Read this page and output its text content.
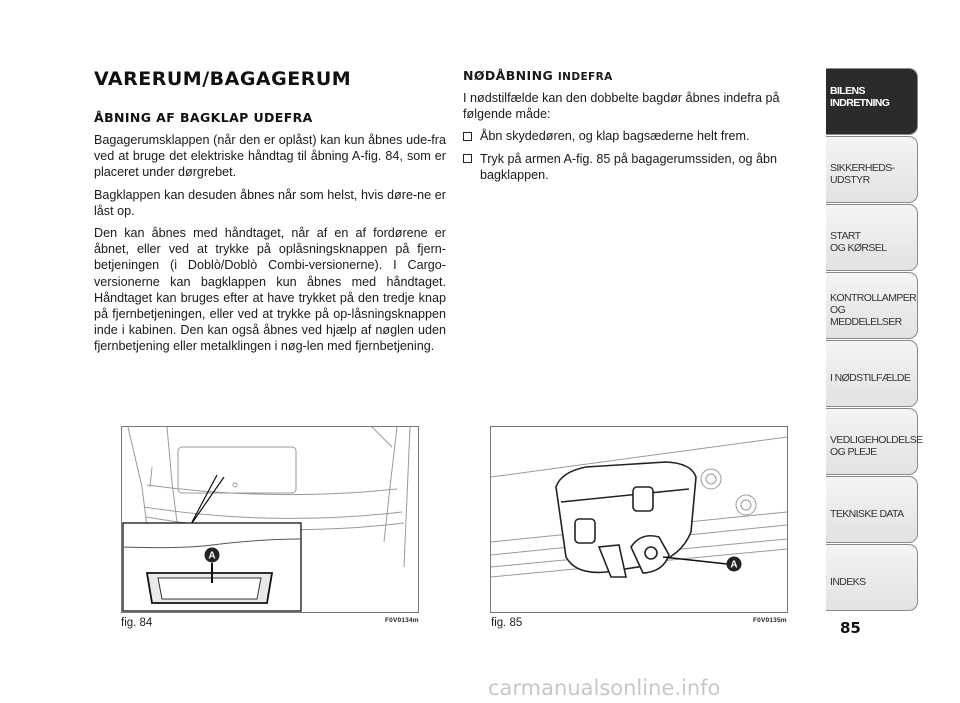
VARERUM/BAGAGERUM
ÅBNING AF BAGKLAP UDEFRA

Bagagerumsklappen (når den er oplåst) kan kun åbnes ude-fra ved at bruge det elektriske håndtag til åbning A-fig. 84, som er placeret under dørgrebet.

Bagklappen kan desuden åbnes når som helst, hvis døre-ne er låst op.

Den kan åbnes med håndtaget, når af en af fordørene er åbnet, eller ved at trykke på oplåsningsknappen på fjern-betjeningen (i Doblò/Doblò Combi-versionerne). I Cargo-versionerne kan bagklappen kun åbnes med håndtaget. Håndtaget kan bruges efter at have trykket på den tredje knap på fjernbetjeningen, eller ved at trykke på op-låsningsknappen inde i kabinen. Den kan også åbnes ved hjælp af nøglen uden fjernbetjening eller metalklingen i nøg-len med fjernbetjening.

NØDÅBNING INDEFRA

I nødstilfælde kan den dobbelte bagdør åbnes indefra på følgende måde:

Åbn skydedøren, og klap bagsæderne helt frem.
Tryk på armen A-fig. 85 på bagagerumssiden, og åbn bagklappen.
A
fig. 84	F0V0134m
A
fig. 85	F0V0135m
BILENS
INDRETNING
SIKKERHEDS-
UDSTYR
START
OG KØRSEL
KONTROLLAMPER
OG MEDDELELSER
I NØDSTILFÆLDE
VEDLIGEHOLDELSE
OG PLEJE
TEKNISKE DATA
INDEKS
85
carmanualsonline.info
